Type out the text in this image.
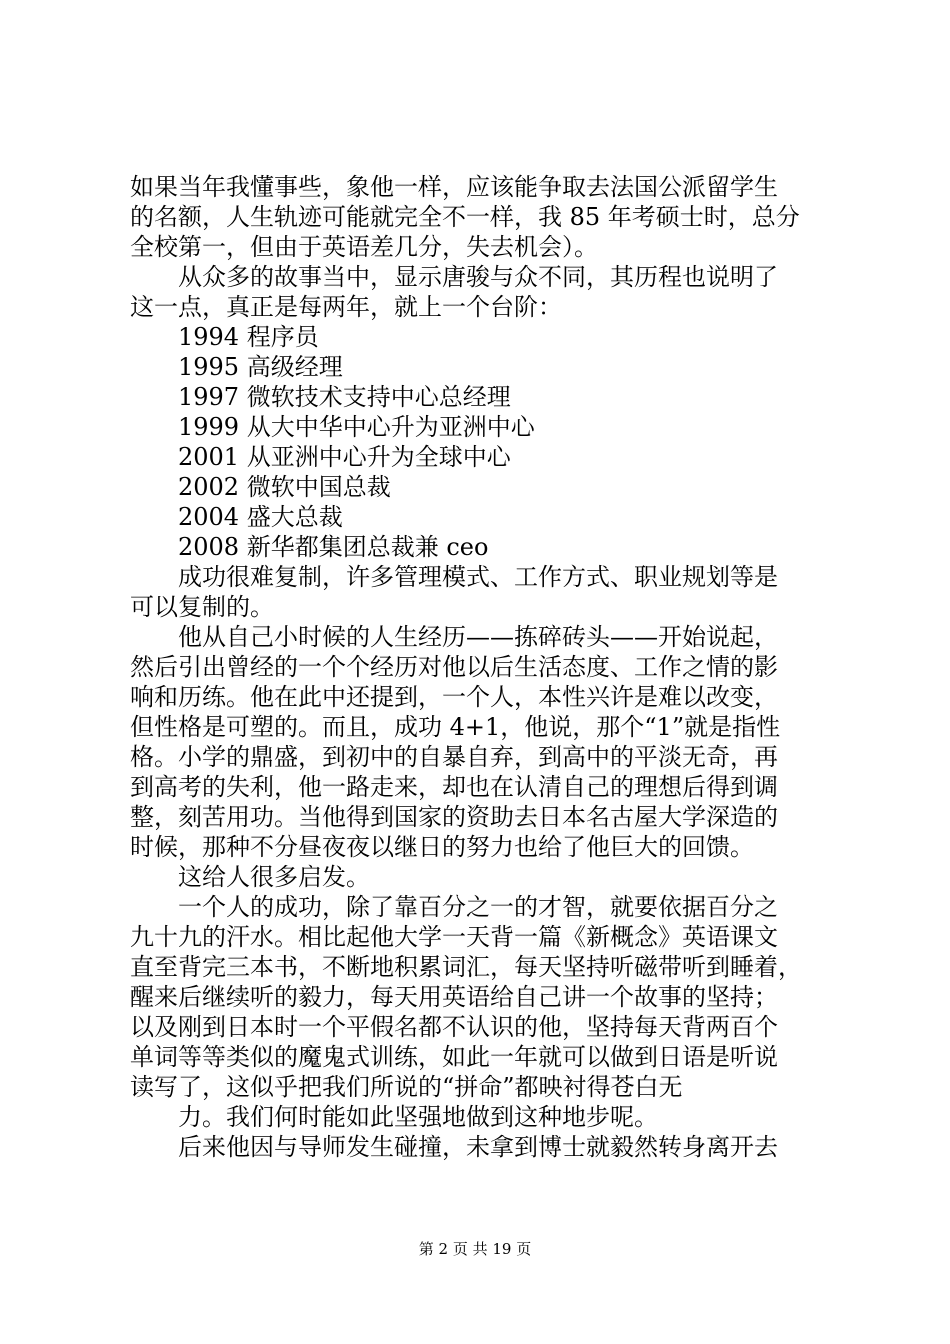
如果当年我懂事些，象他一样，应该能争取去法国公派留学生
的名额，人生轨迹可能就完全不一样，我 85 年考硕士时，总分
全校第一，但由于英语差几分，失去机会）。
从众多的故事当中，显示唐骏与众不同，其历程也说明了
这一点，真正是每两年，就上一个台阶：
1994 程序员
1995 高级经理
1997 微软技术支持中心总经理
1999 从大中华中心升为亚洲中心
2001 从亚洲中心升为全球中心
2002 微软中国总裁
2004 盛大总裁
2008 新华都集团总裁兼 ceo
成功很难复制，许多管理模式、工作方式、职业规划等是
可以复制的。
他从自己小时候的人生经历——拣碎砖头——开始说起，
然后引出曾经的一个个经历对他以后生活态度、工作之情的影
响和历练。他在此中还提到，一个人，本性兴许是难以改变，
但性格是可塑的。而且，成功 4+1，他说，那个“1”就是指性
格。小学的鼎盛，到初中的自暴自弃，到高中的平淡无奇，再
到高考的失利，他一路走来，却也在认清自己的理想后得到调
整，刻苦用功。当他得到国家的资助去日本名古屋大学深造的
时候，那种不分昼夜夜以继日的努力也给了他巨大的回馈。
这给人很多启发。
一个人的成功，除了靠百分之一的才智，就要依据百分之
九十九的汗水。相比起他大学一天背一篇《新概念》英语课文
直至背完三本书，不断地积累词汇，每天坚持听磁带听到睡着，
醒来后继续听的毅力，每天用英语给自己讲一个故事的坚持；
以及刚到日本时一个平假名都不认识的他，坚持每天背两百个
单词等等类似的魔鬼式训练，如此一年就可以做到日语是听说
读写了，这似乎把我们所说的“拼命”都映衬得苍白无
力。我们何时能如此坚强地做到这种地步呢。
后来他因与导师发生碰撞，未拿到博士就毅然转身离开去
第 2 页 共 19 页
